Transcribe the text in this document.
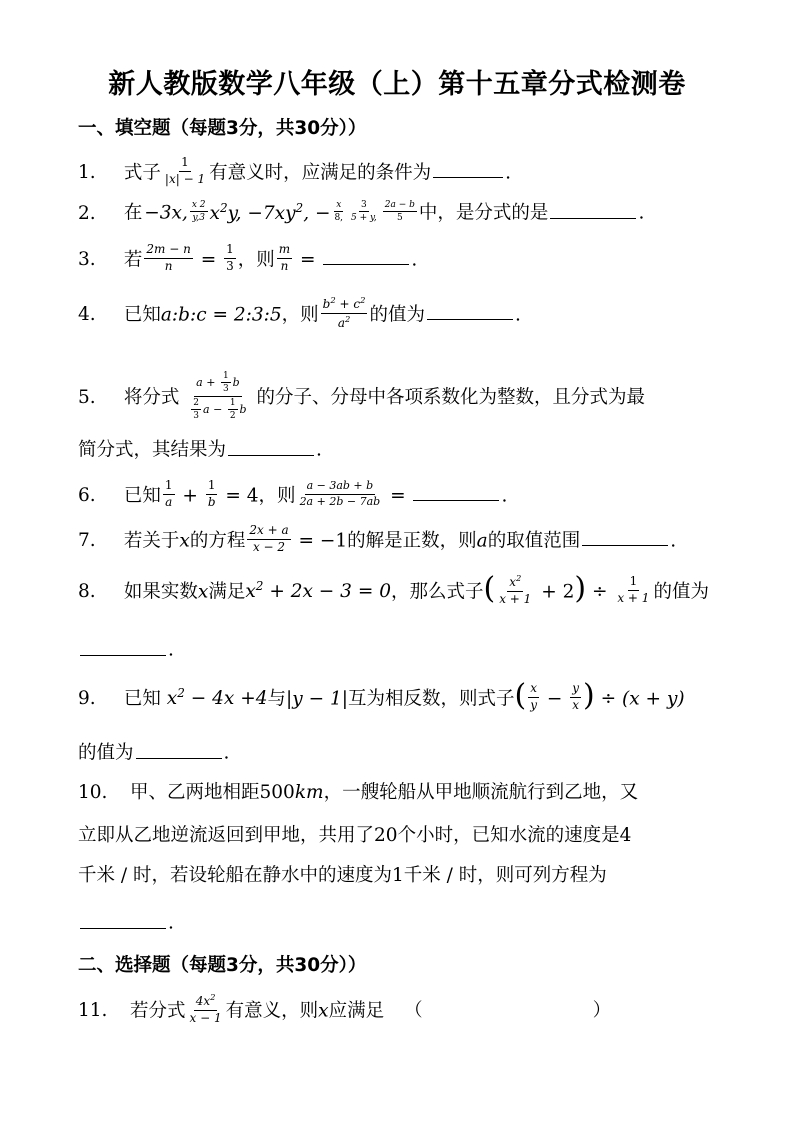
新人教版数学八年级（上）第十五章分式检测卷
一、填空题（每题3分，共30分））
1. 式子 $\frac{1}{|x| - 1}$ 有意义时，应满足的条件为	.
2. 在 −3x, $\frac{x 2}{y,3} x^2y$, $-7xy^2$, − $\frac{x}{8,} \frac{3}{5 + y,} \frac{2a - b}{5}$ 中，是分式的是	.
3. 若 $\frac{2m - n}{n} = \frac{1}{3}$ ，则 $\frac{m}{n}$ =	.
4. 已知a:b:c = 2:3:5，则 $\frac{b^2 + c^2}{a^2}$ 的值为	.
5. 将分式 $\frac{a + \frac{1}{3} b}{\frac{2}{3} a - \frac{1}{2} b}$ 的分子、分母中各项系数化为整数，且分式为最
简分式，其结果为	.
6. 已知 $\frac{1}{a} + \frac{1}{b} = 4$，则 $\frac{a - 3ab + b}{2a + 2b - 7ab}$ =	.
7. 若关于x的方程 $\frac{2x + a}{x - 2} = -1$的解是正数，则a的取值范围	.
8. 如果实数x满足$x^2 + 2x - 3 = 0$，那么式子( $\frac{x^2}{x + 1} + 2) \div \frac{1}{x + 1}$ 的值为
.
9. 已知 $x^2 - 4x +4$与|y − 1|互为相反数，则式子( $\frac{x}{y} - \frac{y}{x}$ ) ÷ (x + y)
的值为	.
10. 甲、乙两地相距500km，一艘轮船从甲地顺流航行到乙地，又
立即从乙地逆流返回到甲地，共用了20个小时，已知水流的速度是4
千米 / 时，若设轮船在静水中的速度为1千米 / 时，则可列方程为
.
二、选择题（每题3分，共30分））
11. 若分式 $\frac{4x^2}{x - 1}$ 有意义，则x应满足 （	）
